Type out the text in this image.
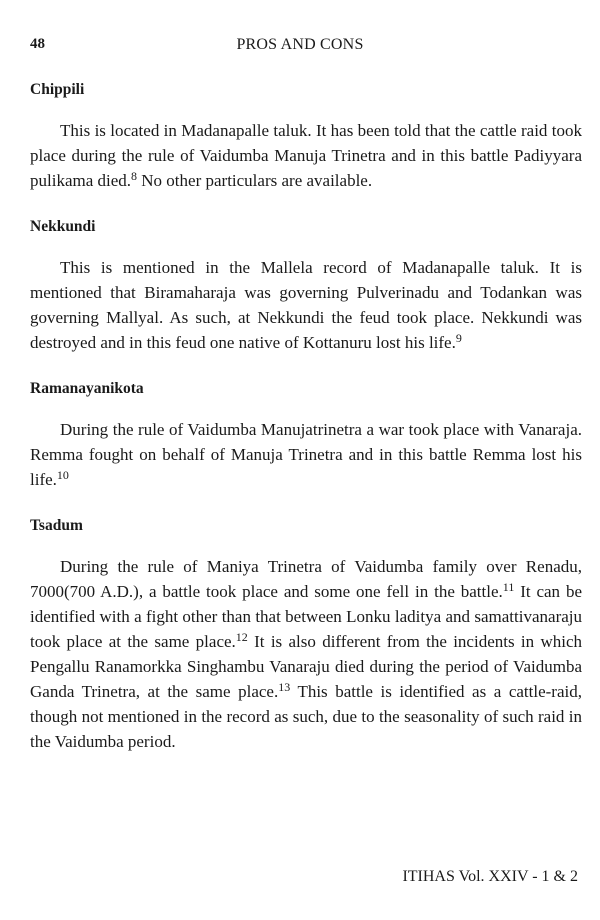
48	PROS AND CONS
Chippili

This is located in Madanapalle taluk. It has been told that the cattle raid took place during the rule of Vaidumba Manuja Trinetra and in this battle Padiyyara pulikama died.$^8$ No other particulars are available.

Nekkundi

This is mentioned in the Mallela record of Madanapalle taluk. It is mentioned that Biramaharaja was governing Pulverinadu and Todankan was governing Mallyal. As such, at Nekkundi the feud took place. Nekkundi was destroyed and in this feud one native of Kottanuru lost his life.$^9$

Ramanayanikota

During the rule of Vaidumba Manujatrinetra a war took place with Vanaraja. Remma fought on behalf of Manuja Trinetra and in this battle Remma lost his life.$^{10}$

Tsadum

During the rule of Maniya Trinetra of Vaidumba family over Renadu, 7000(700 A.D.), a battle took place and some one fell in the battle.$^{11}$ It can be identified with a fight other than that between Lonku laditya and samattivanaraju took place at the same place.$^{12}$ It is also different from the incidents in which Pengallu Ranamorkka Singhambu Vanaraju died during the period of Vaidumba Ganda Trinetra, at the same place.$^{13}$ This battle is identified as a cattle-raid, though not mentioned in the record as such, due to the seasonality of such raid in the Vaidumba period.

ITIHAS Vol. XXIV - 1 & 2
